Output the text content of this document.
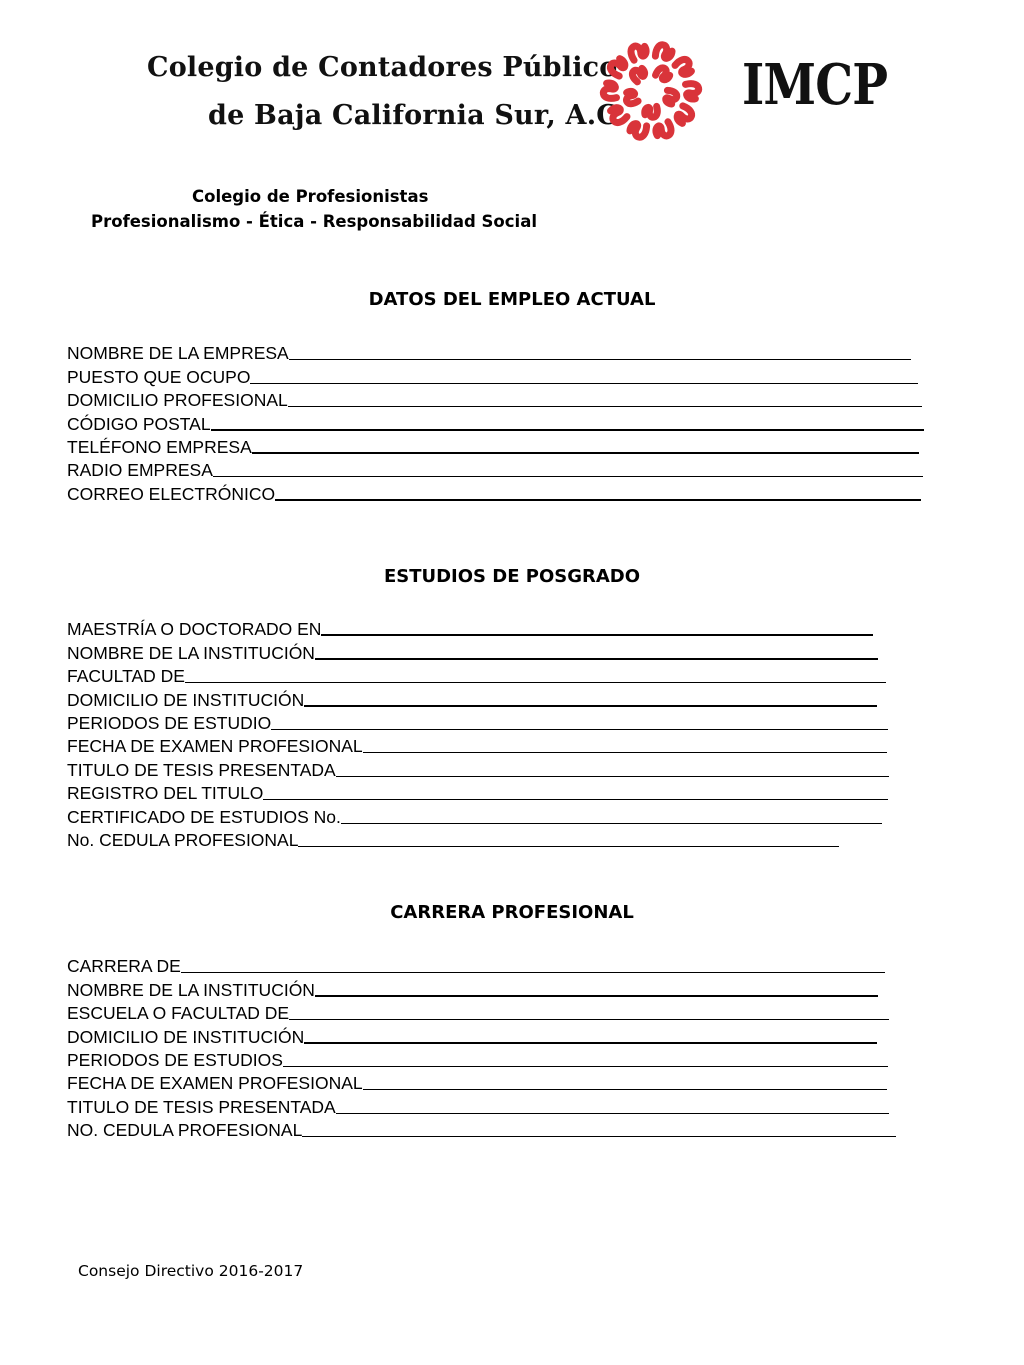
Colegio de Contadores Público
de Baja California Sur, A.C. IMCP
Colegio de Profesionistas
Profesionalismo - Ética - Responsabilidad Social
DATOS DEL EMPLEO ACTUAL
NOMBRE DE LA EMPRESA
PUESTO QUE OCUPO
DOMICILIO PROFESIONAL
CÓDIGO POSTAL
TELÉFONO EMPRESA
RADIO EMPRESA
CORREO ELECTRÓNICO
ESTUDIOS DE POSGRADO
MAESTRÍA O DOCTORADO EN
NOMBRE DE LA INSTITUCIÓN
FACULTAD DE
DOMICILIO DE INSTITUCIÓN
PERIODOS DE ESTUDIO
FECHA DE EXAMEN PROFESIONAL
TITULO DE TESIS PRESENTADA
REGISTRO DEL TITULO
CERTIFICADO DE ESTUDIOS No.
No. CEDULA PROFESIONAL
CARRERA PROFESIONAL
CARRERA DE
NOMBRE DE LA INSTITUCIÓN
ESCUELA O FACULTAD DE
DOMICILIO DE INSTITUCIÓN
PERIODOS DE ESTUDIOS
FECHA DE EXAMEN PROFESIONAL
TITULO DE TESIS PRESENTADA
NO. CEDULA PROFESIONAL
Consejo Directivo 2016-2017
